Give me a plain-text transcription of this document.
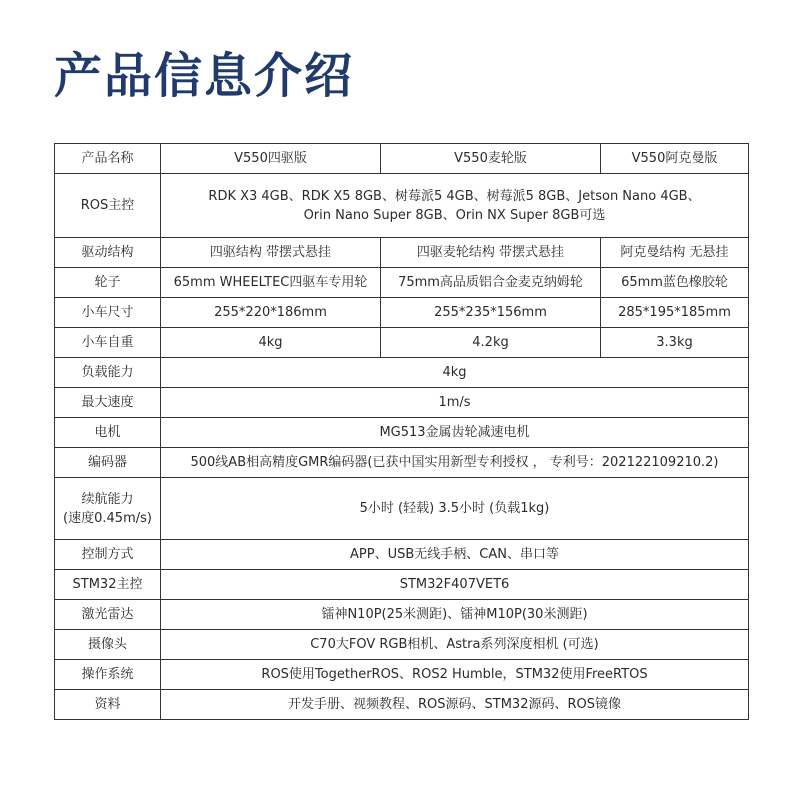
产品信息介绍
产品名称	V550四驱版	V550麦轮版	V550阿克曼版
ROS主控	RDK X3 4GB、RDK X5 8GB、树莓派5 4GB、树莓派5 8GB、Jetson Nano 4GB、
Orin Nano Super 8GB、Orin NX Super 8GB可选		

驱动结构	四驱结构 带摆式悬挂	四驱麦轮结构 带摆式悬挂	阿克曼结构 无悬挂
轮子	65mm WHEELTEC四驱车专用轮	75mm高品质铝合金麦克纳姆轮	65mm蓝色橡胶轮
小车尺寸	255*220*186mm	255*235*156mm	285*195*185mm
小车自重	4kg	4.2kg	3.3kg
负载能力	4kg		
最大速度	1m/s		
电机	MG513金属齿轮减速电机		
编码器	500线AB相高精度GMR编码器(已获中国实用新型专利授权 ， 专利号：202122109210.2)		

续航能力
(速度0.45m/s)	5小时 (轻载) 3.5小时 (负载1kg)		
控制方式	APP、USB无线手柄、CAN、串口等		
STM32主控	STM32F407VET6		
激光雷达	镭神N10P(25米测距)、镭神M10P(30米测距)		
摄像头	C70大FOV RGB相机、Astra系列深度相机 (可选)		
操作系统	ROS使用TogetherROS、ROS2 Humble，STM32使用FreeRTOS		
资料	开发手册、视频教程、ROS源码、STM32源码、ROS镜像		
